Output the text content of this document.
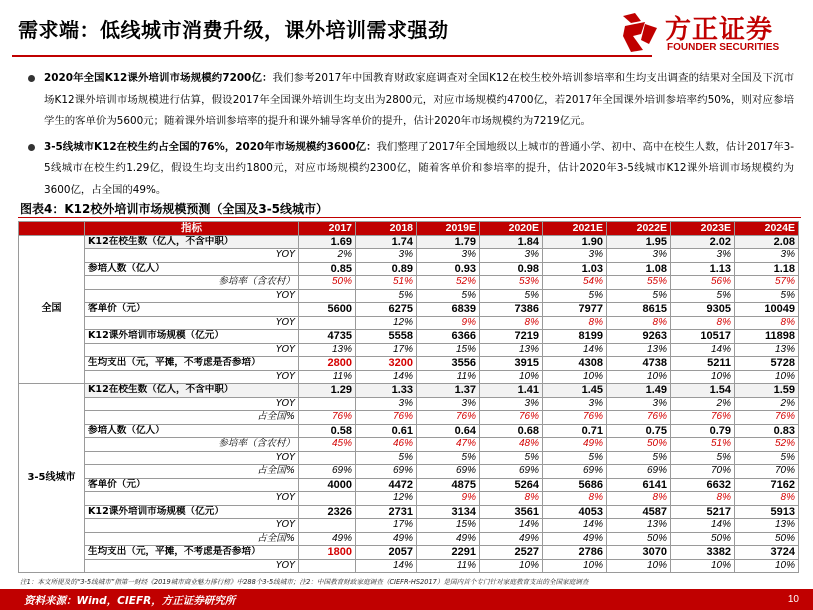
需求端：低线城市消费升级，课外培训需求强劲	方正证券
FOUNDER SECURITIES
2020年全国K12课外培训市场规模约7200亿：我们参考2017年中国教育财政家庭调查对全国K12在校生校外培训参培率和生均支出调查的结果对全国及下沉市场K12课外培训市场规模进行估算，假设2017年全国课外培训生均支出为2800元，对应市场规模约4700亿，若2017年全国课外培训参培率约50%，则对应参培学生的客单价为5600元；随着课外培训参培率的提升和课外辅导客单价的提升，估计2020年市场规模约为7219亿元。
3-5线城市K12在校生约占全国的76%，2020年市场规模约3600亿：我们整理了2017年全国地级以上城市的普通小学、初中、高中在校生人数，估计2017年3-5线城市在校生约1.29亿，假设生均支出约1800元，对应市场规模约2300亿，随着客单价和参培率的提升，估计2020年3-5线城市K12课外培训市场规模约为3600亿，占全国的49%。
图表4：K12校外培训市场规模预测（全国及3-5线城市）
	指标	2017	2018	2019E	2020E	2021E	2022E	2023E	2024E
全国	K12在校生数（亿人，不含中职）	1.69	1.74	1.79	1.84	1.90	1.95	2.02	2.08
	YOY	2%	3%	3%	3%	3%	3%	3%	3%
	参培人数（亿人）	0.85	0.89	0.93	0.98	1.03	1.08	1.13	1.18
	参培率（含农村）	50%	51%	52%	53%	54%	55%	56%	57%
	YOY		5%	5%	5%	5%	5%	5%	5%
	客单价（元）	5600	6275	6839	7386	7977	8615	9305	10049
	YOY		12%	9%	8%	8%	8%	8%	8%
	K12课外培训市场规模（亿元）	4735	5558	6366	7219	8199	9263	10517	11898
	YOY	13%	17%	15%	13%	14%	13%	14%	13%
	生均支出（元，平摊，不考虑是否参培）	2800	3200	3556	3915	4308	4738	5211	5728
	YOY	11%	14%	11%	10%	10%	10%	10%	10%
3-5线城市	K12在校生数（亿人，不含中职）	1.29	1.33	1.37	1.41	1.45	1.49	1.54	1.59
	YOY		3%	3%	3%	3%	3%	2%	2%
	占全国%	76%	76%	76%	76%	76%	76%	76%	76%
	参培人数（亿人）	0.58	0.61	0.64	0.68	0.71	0.75	0.79	0.83
	参培率（含农村）	45%	46%	47%	48%	49%	50%	51%	52%
	YOY		5%	5%	5%	5%	5%	5%	5%
	占全国%	69%	69%	69%	69%	69%	69%	70%	70%
	客单价（元）	4000	4472	4875	5264	5686	6141	6632	7162
	YOY		12%	9%	8%	8%	8%	8%	8%
	K12课外培训市场规模（亿元）	2326	2731	3134	3561	4053	4587	5217	5913
	YOY		17%	15%	14%	14%	13%	14%	13%
	占全国%	49%	49%	49%	49%	49%	50%	50%	50%
	生均支出（元，平摊，不考虑是否参培）	1800	2057	2291	2527	2786	3070	3382	3724
	YOY		14%	11%	10%	10%	10%	10%	10%
注1：本文所提及的“3-5线城市”指第一财经《2019城市商业魅力排行榜》中288个3-5线城市；注2：中国教育财政家庭调查（CIEFR-HS2017）是国内首个专门针对家庭教育支出的全国家庭调查
资料来源：Wind，CIEFR，方正证券研究所	10
